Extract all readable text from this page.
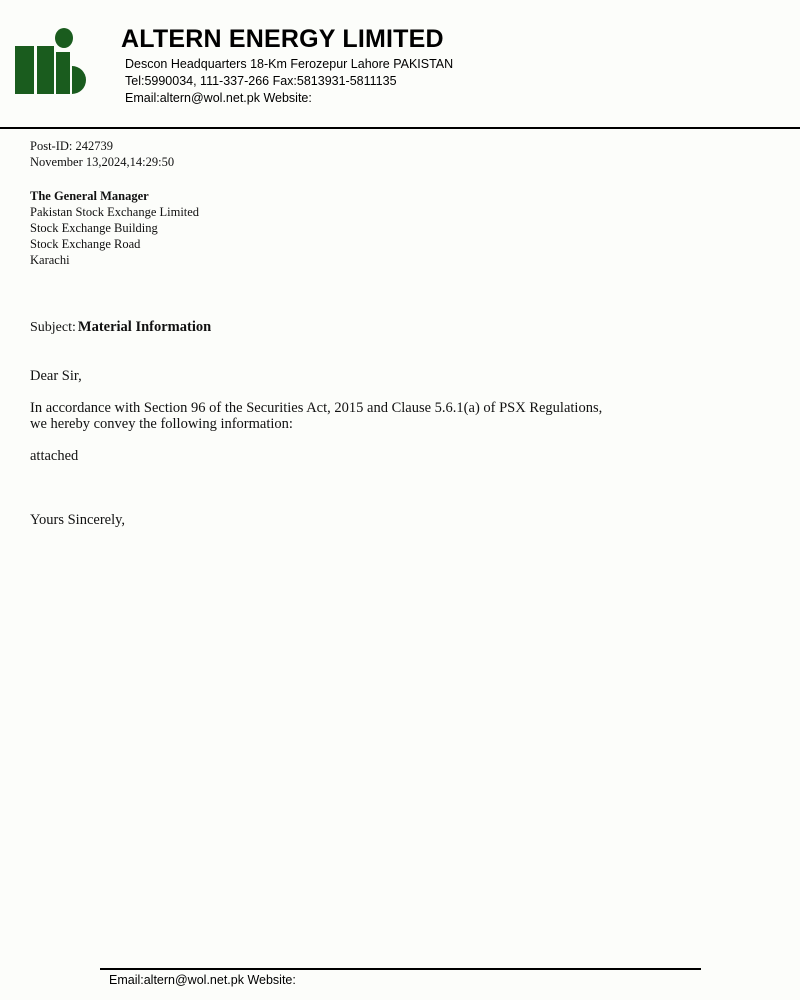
ALTERN ENERGY LIMITED
Descon Headquarters 18-Km Ferozepur Lahore PAKISTAN
Tel:5990034, 111-337-266 Fax:5813931-5811135
Email:altern@wol.net.pk Website:
Post-ID: 242739
November 13,2024,14:29:50
The General Manager
Pakistan Stock Exchange Limited
Stock Exchange Building
Stock Exchange Road
Karachi
Subject: Material Information
Dear Sir,
In accordance with Section 96 of the Securities Act, 2015 and Clause 5.6.1(a) of PSX Regulations,
we hereby convey the following information:
attached
Yours Sincerely,
Email:altern@wol.net.pk Website:
